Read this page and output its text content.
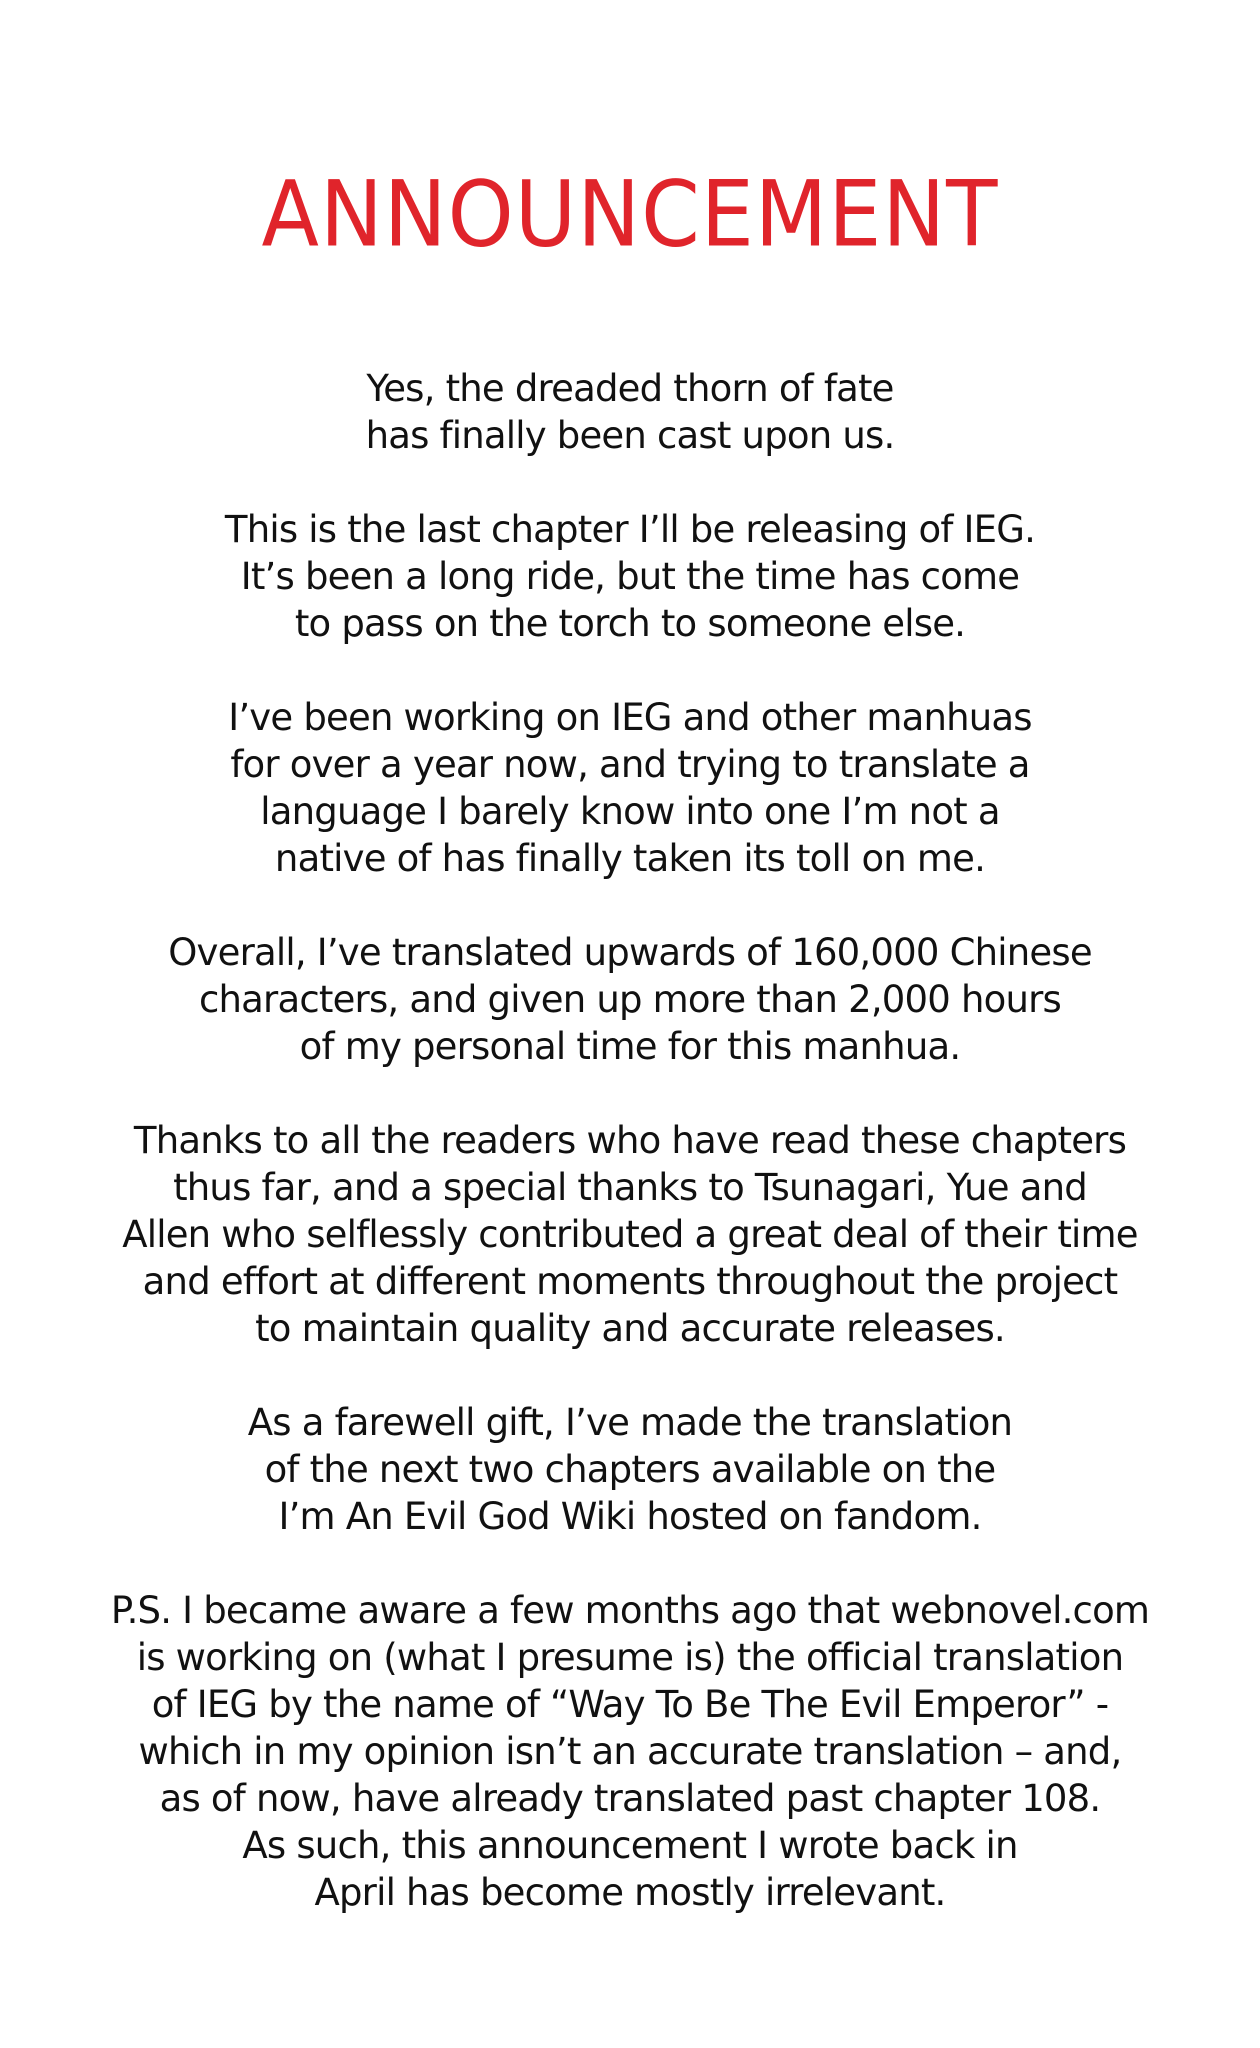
ANNOUNCEMENT

Yes, the dreaded thorn of fate
has finally been cast upon us.

This is the last chapter I’ll be releasing of IEG.
It’s been a long ride, but the time has come
to pass on the torch to someone else.

I’ve been working on IEG and other manhuas
for over a year now, and trying to translate a
language I barely know into one I’m not a
native of has finally taken its toll on me.

Overall, I’ve translated upwards of 160,000 Chinese
characters, and given up more than 2,000 hours
of my personal time for this manhua.

Thanks to all the readers who have read these chapters
thus far, and a special thanks to Tsunagari, Yue and
Allen who selflessly contributed a great deal of their time
and effort at different moments throughout the project
to maintain quality and accurate releases.

As a farewell gift, I’ve made the translation
of the next two chapters available on the
I’m An Evil God Wiki hosted on fandom.

P.S. I became aware a few months ago that webnovel.com
is working on (what I presume is) the official translation
of IEG by the name of “Way To Be The Evil Emperor” -
which in my opinion isn’t an accurate translation – and,
as of now, have already translated past chapter 108.
As such, this announcement I wrote back in
April has become mostly irrelevant.
